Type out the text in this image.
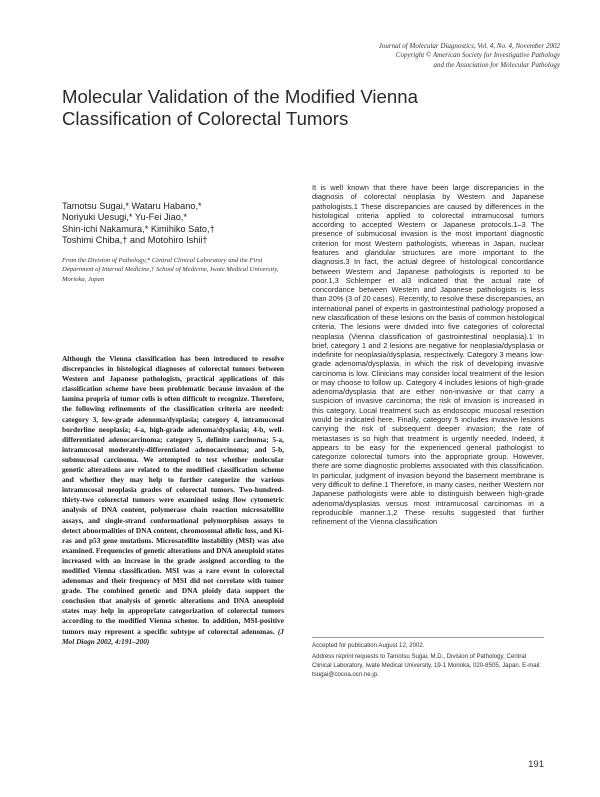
Journal of Molecular Diagnostics, Vol. 4, No. 4, November 2002
Copyright © American Society for Investigative Pathology
and the Association for Molecular Pathology
Molecular Validation of the Modified Vienna Classification of Colorectal Tumors
Tamotsu Sugai,* Wataru Habano,*
Noriyuki Uesugi,* Yu-Fei Jiao,*
Shin-ichi Nakamura,* Kimihiko Sato,†
Toshimi Chiba,† and Motohiro Ishii†
From the Division of Pathology,* Central Clinical Laboratory and the First Department of Internal Medicine,† School of Medicine, Iwate Medical University, Morioka, Japan
Although the Vienna classification has been introduced to resolve discrepancies in histological diagnoses of colorectal tumors between Western and Japanese pathologists, practical applications of this classification scheme have been problematic because invasion of the lamina propria of tumor cells is often difficult to recognize. Therefore, the following refinements of the classification criteria are needed: category 3, low-grade adenoma/dysplasia; category 4, intramucosal borderline neoplasia; 4-a, high-grade adenoma/dysplasia; 4-b, well-differentiated adenocarcinoma; category 5, definite carcinoma; 5-a, intramucosal moderately-differentiated adenocarcinoma; and 5-b, submucosal carcinoma. We attempted to test whether molecular genetic alterations are related to the modified classification scheme and whether they may help to further categorize the various intramucosal neoplasia grades of colorectal tumors. Two-hundred-thirty-two colorectal tumors were examined using flow cytometric analysis of DNA content, polymerase chain reaction microsatellite assays, and single-strand conformational polymorphism assays to detect abnormalities of DNA content, chromosomal allelic loss, and Ki-ras and p53 gene mutations. Microsatellite instability (MSI) was also examined. Frequencies of genetic alterations and DNA aneuploid states increased with an increase in the grade assigned according to the modified Vienna classification. MSI was a rare event in colorectal adenomas and their frequency of MSI did not correlate with tumor grade. The combined genetic and DNA ploidy data support the conclusion that analysis of genetic alterations and DNA aneuploid states may help in appropriate categorization of colorectal tumors according to the modified Vienna scheme. In addition, MSI-positive tumors may represent a specific subtype of colorectal adenomas. (J Mol Diagn 2002, 4:191–200)
It is well known that there have been large discrepancies in the diagnosis of colorectal neoplasia by Western and Japanese pathologists.1 These discrepancies are caused by differences in the histological criteria applied to colorectal intramucosal tumors according to accepted Western or Japanese protocols.1–3 The presence of submucosal invasion is the most important diagnostic criterion for most Western pathologists, whereas in Japan, nuclear features and glandular structures are more important to the diagnosis.3 In fact, the actual degree of histological concordance between Western and Japanese pathologists is reported to be poor.1,3 Schlemper et al3 indicated that the actual rate of concordance between Western and Japanese pathologists is less than 20% (3 of 20 cases). Recently, to resolve these discrepancies, an international panel of experts in gastrointestinal pathology proposed a new classification of these lesions on the basis of common histological criteria. The lesions were divided into five categories of colorectal neoplasia (Vienna classification of gastrointestinal neoplasia).1 In brief, category 1 and 2 lesions are negative for neoplasia/dysplasia or indefinite for neoplasia/dysplasia, respectively. Category 3 means low-grade adenoma/dysplasia, in which the risk of developing invasive carcinoma is low. Clinicians may consider local treatment of the lesion or may choose to follow up. Category 4 includes lesions of high-grade adenoma/dysplasia that are either non-invasive or that carry a suspicion of invasive carcinoma; the risk of invasion is increased in this category. Local treatment such as endoscopic mucosal resection would be indicated here. Finally, category 5 includes invasive lesions carrying the risk of subsequent deeper invasion; the rate of metastases is so high that treatment is urgently needed. Indeed, it appears to be easy for the experienced general pathologist to categorize colorectal tumors into the appropriate group. However, there are some diagnostic problems associated with this classification. In particular, judgment of invasion beyond the basement membrane is very difficult to define.1 Therefore, in many cases, neither Western nor Japanese pathologists were able to distinguish between high-grade adenoma/dysplasias versus most intramucosal carcinomas in a reproducible manner.1,2 These results suggested that further refinement of the Vienna classification

Accepted for publication August 12, 2002.

Address reprint requests to Tamotsu Sugai, M.D., Division of Pathology, Central Clinical Laboratory, Iwate Medical University, 19-1 Morioka, 020-8505, Japan. E-mail: tsugai@cocoa.ocn.ne.jp.

191
